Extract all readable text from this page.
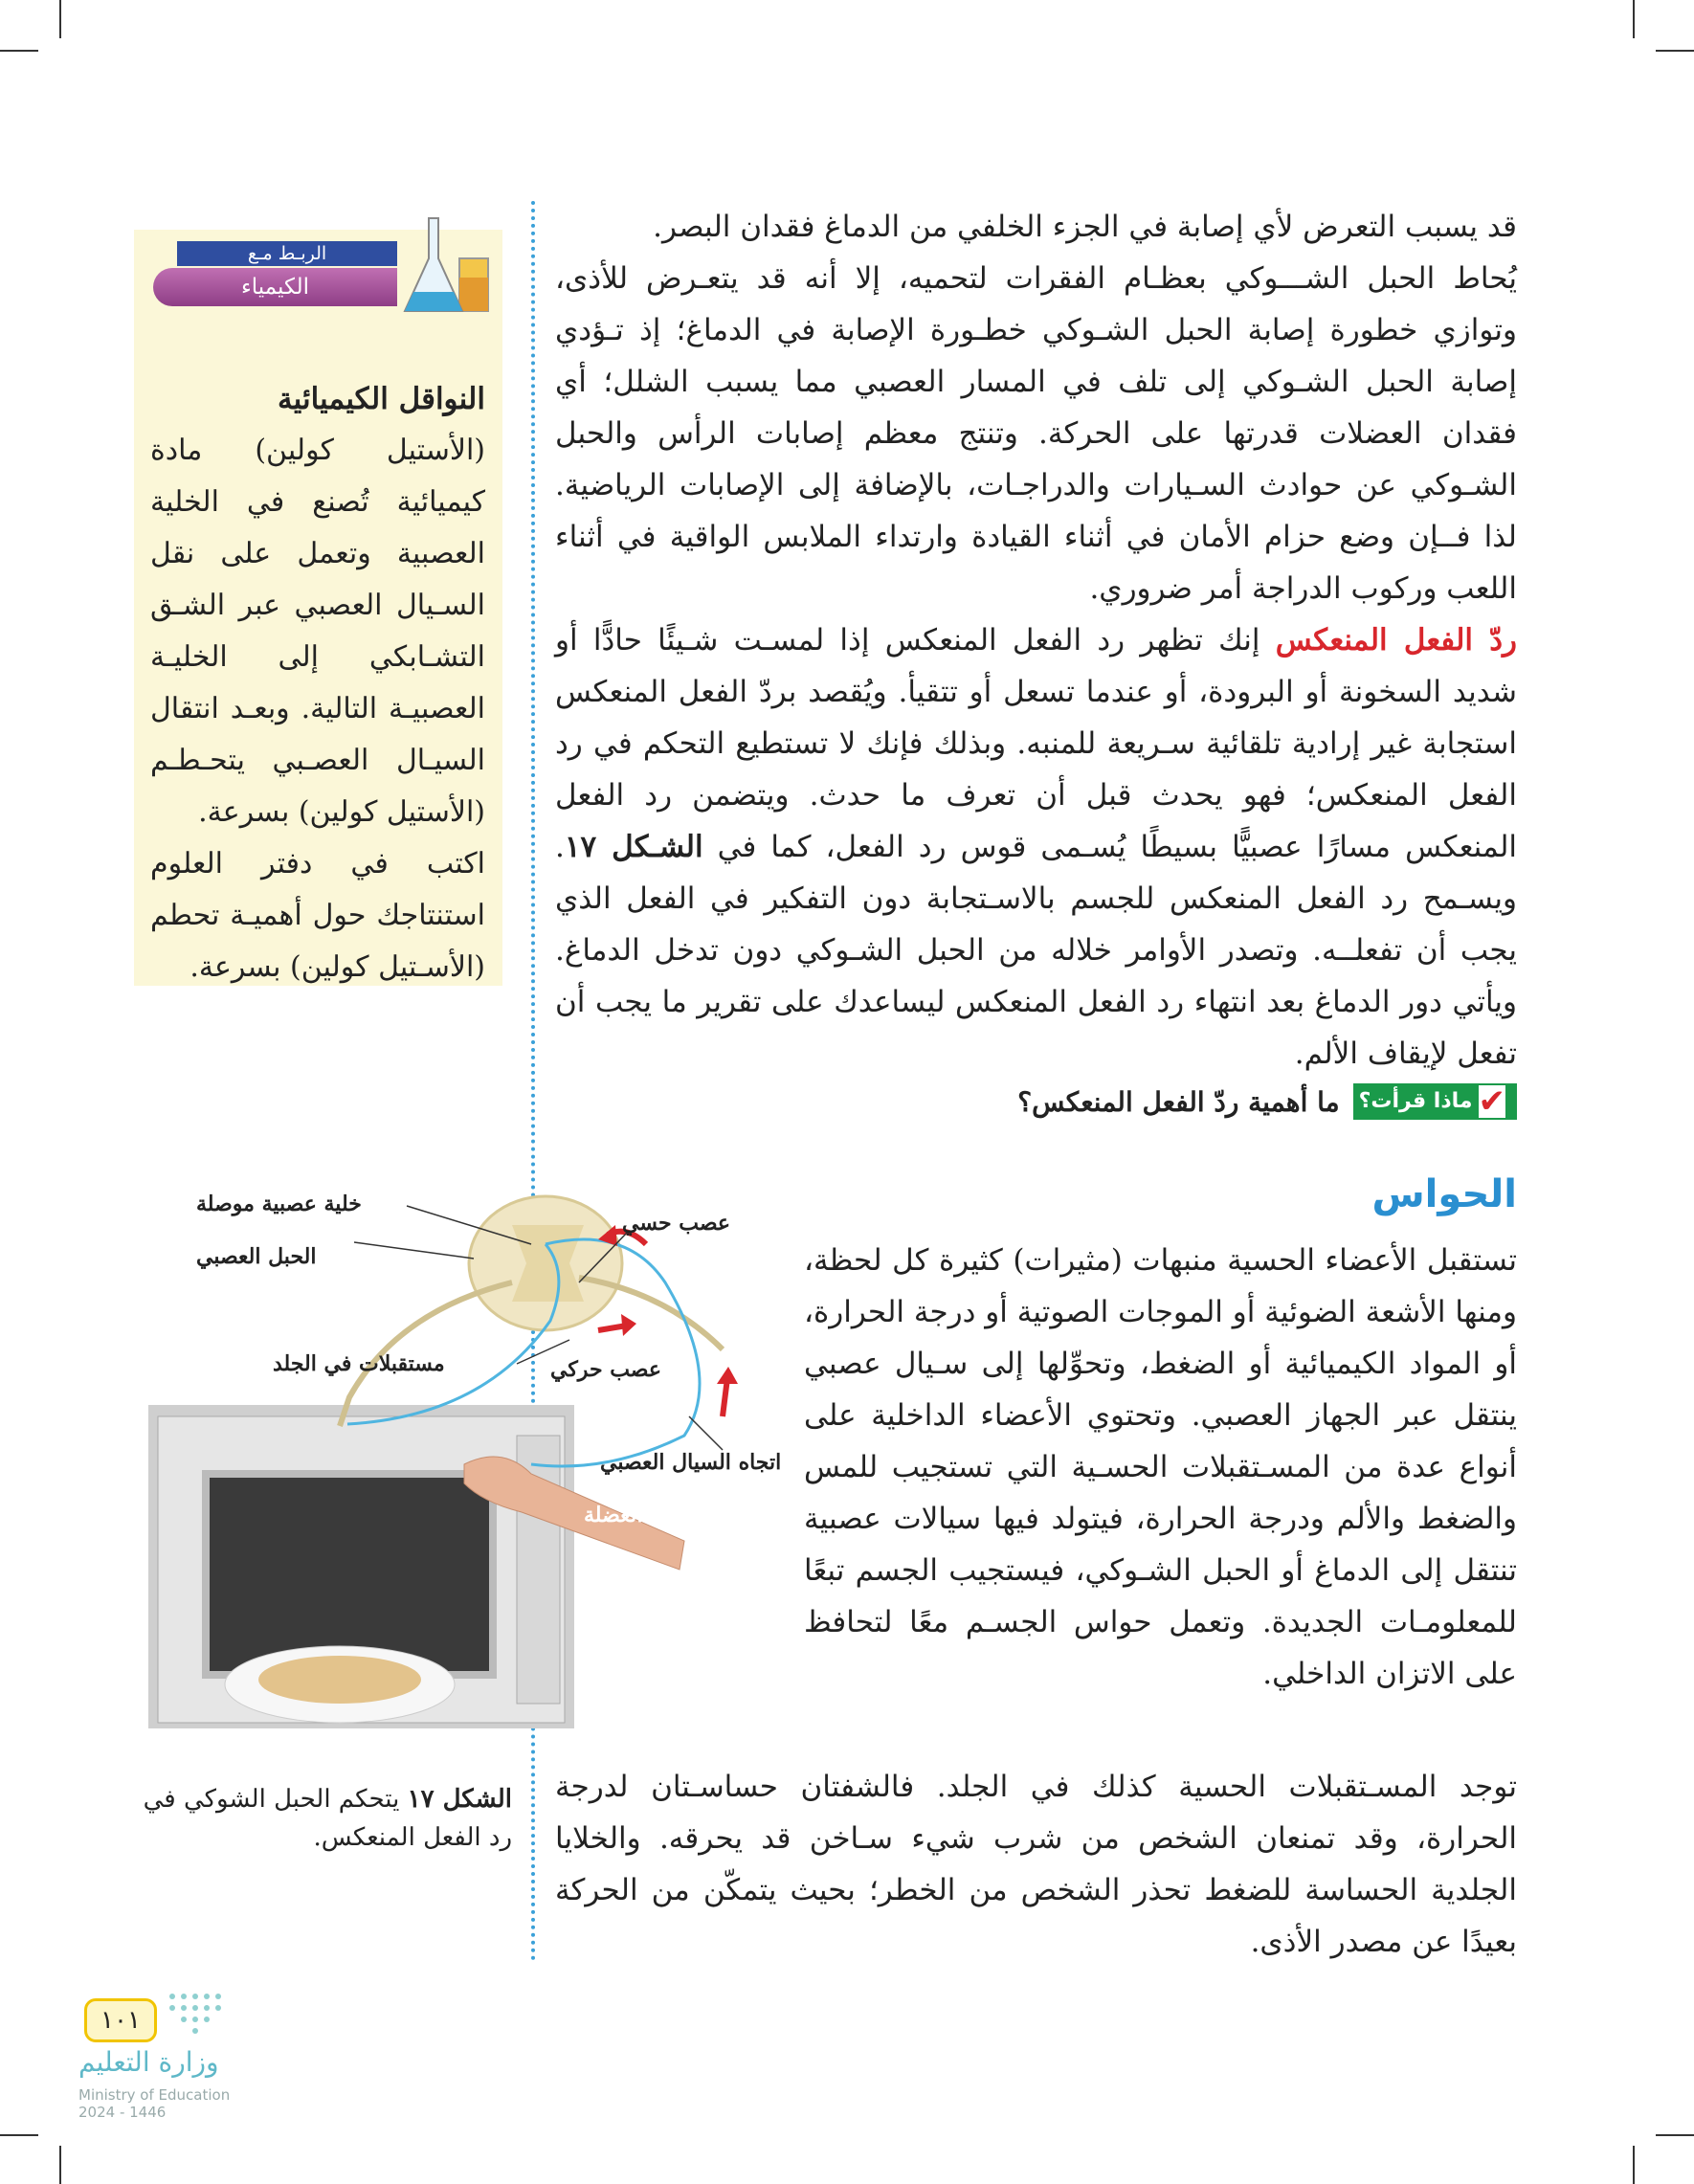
قد يسبب التعرض لأي إصابة في الجزء الخلفي من الدماغ فقدان البصر.

يُحاط الحبل الشـــوكي بعظـام الفقرات لتحميه، إلا أنه قد يتعـرض للأذى، وتوازي خطورة إصابة الحبل الشـوكي خطـورة الإصابة في الدماغ؛ إذ تـؤدي إصابة الحبل الشـوكي إلى تلف في المسار العصبي مما يسبب الشلل؛ أي فقدان العضلات قدرتها على الحركة. وتنتج معظم إصابات الرأس والحبل الشـوكي عن حوادث السـيارات والدراجـات، بالإضافة إلى الإصابات الرياضية. لذا فــإن وضع حزام الأمان في أثناء القيادة وارتداء الملابس الواقية في أثناء اللعب وركوب الدراجة أمر ضروري.

ردّ الفعل المنعكس إنك تظهر رد الفعل المنعكس إذا لمسـت شـيئًا حادًّا أو شديد السخونة أو البرودة، أو عندما تسعل أو تتقيأ. ويُقصد بردّ الفعل المنعكس استجابة غير إرادية تلقائية سـريعة للمنبه. وبذلك فإنك لا تستطيع التحكم في رد الفعل المنعكس؛ فهو يحدث قبل أن تعرف ما حدث. ويتضمن رد الفعل المنعكس مسارًا عصبيًّا بسيطًا يُسـمى قوس رد الفعل، كما في الشـكل ١٧. ويسـمح رد الفعل المنعكس للجسم بالاسـتجابة دون التفكير في الفعل الذي يجب أن تفعلــه. وتصدر الأوامر خلاله من الحبل الشـوكي دون تدخل الدماغ. ويأتي دور الدماغ بعد انتهاء رد الفعل المنعكس ليساعدك على تقرير ما يجب أن تفعل لإيقاف الألم.

✔
ماذا قرأت؟
ما أهمية ردّ الفعل المنعكس؟
الربـط مـع
الكيمياء
النواقل الكيميائية
(الأستيل كولين) مادة كيميائية تُصنع في الخلية العصبية وتعمل على نقل السـيال العصبي عبر الشـق التشـابكي إلى الخليـة العصبيـة التالية. وبعـد انتقال السيـال العصـبي يتحـطـم (الأستيل كولين) بسرعة.
اكتب في دفتر العلوم استنتاجك حول أهميـة تحطم (الأسـتيل كولين) بسرعة.
الحواس
تستقبل الأعضاء الحسية منبهات (مثيرات) كثيرة كل لحظة، ومنها الأشعة الضوئية أو الموجات الصوتية أو درجة الحرارة، أو المواد الكيميائية أو الضغط، وتحوِّلها إلى سـيال عصبي ينتقل عبر الجهاز العصبي. وتحتوي الأعضاء الداخلية على أنواع عدة من المسـتقبلات الحسـية التي تستجيب للمس والضغط والألم ودرجة الحرارة، فيتولد فيها سيالات عصبية تنتقل إلى الدماغ أو الحبل الشـوكي، فيستجيب الجسم تبعًا للمعلومـات الجديدة. وتعمل حواس الجسـم معًا لتحافظ على الاتزان الداخلي.
توجد المسـتقبلات الحسية كذلك في الجلد. فالشفتان حساسـتان لدرجة الحرارة، وقد تمنعان الشخص من شرب شيء سـاخن قد يحرقه. والخلايا الجلدية الحساسة للضغط تحذر الشخص من الخطر؛ بحيث يتمكّن من الحركة بعيدًا عن مصدر الأذى.
خلية عصبية موصلة
الحبل العصبي
مستقبلات في الجلد
عصب حسي
عصب حركي
اتجاه السيال العصبي
انقباض العضلة
الشكل ١٧ يتحكم الحبل الشوكي في رد الفعل المنعكس.
١٠١
وزارة التعليم
Ministry of Education
2024 - 1446
